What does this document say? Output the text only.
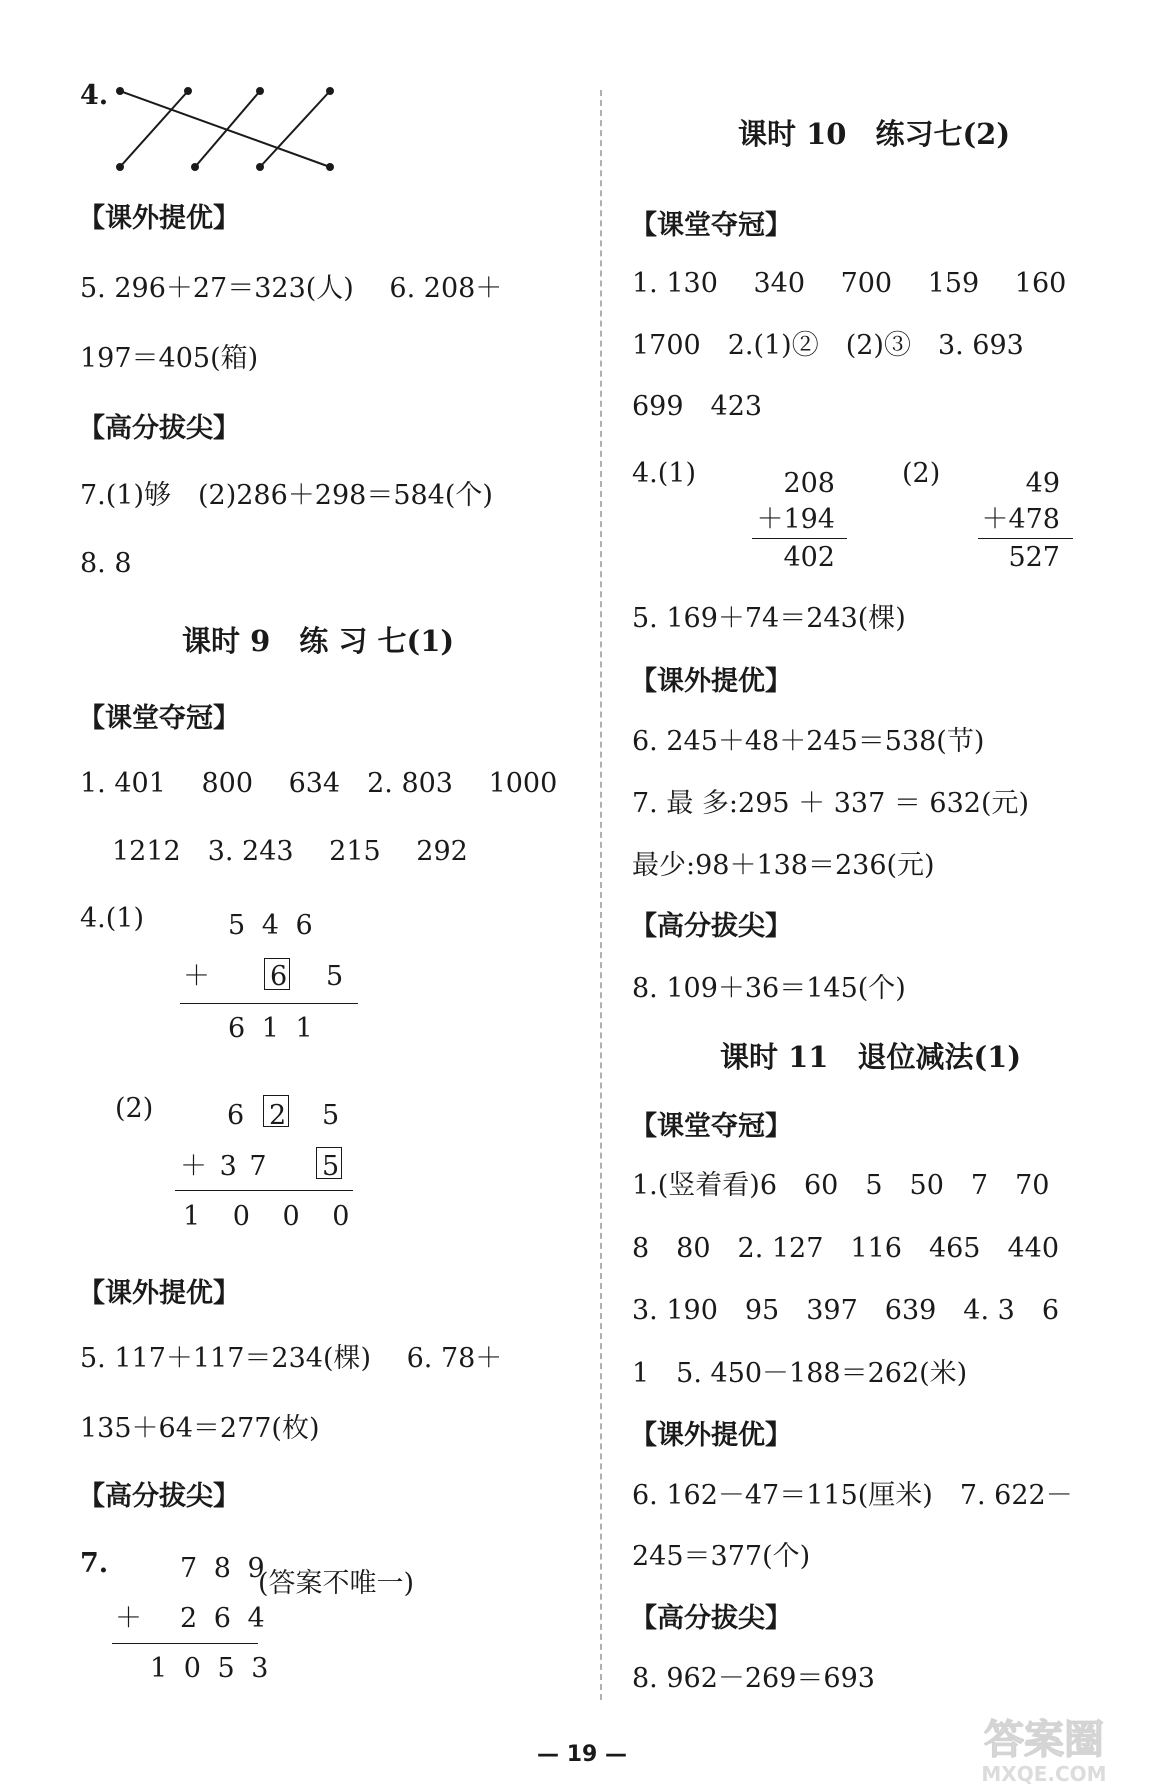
4.
【课外提优】
5. 296＋27＝323(人)　 6. 208＋
197＝405(箱)
【高分拔尖】
7.(1)够　(2)286＋298＝584(个)
8. 8
课时 9　练 习 七(1)
【课堂夺冠】
1. 401　 800　 634　2. 803　 1000
1212　3. 243　 215　 292
4.(1)	5 4 6
＋ 6 5
6 1 1
(2)	6 2 5
＋ 3 7 5
1 0 0 0
【课外提优】
5. 117＋117＝234(棵)　 6. 78＋
135＋64＝277(枚)
【高分拔尖】
7.	7 8 9
(答案不唯一)
＋ 2 6 4
1 0 5 3
课时 10　练习七(2)
【课堂夺冠】
1. 130　 340　 700　 159　 160
1700　2.(1)②　(2)③　3. 693
699　423
4.(1)	208
＋194
402
(2)	49
＋478
527
5. 169＋74＝243(棵)
【课外提优】
6. 245＋48＋245＝538(节)
7. 最 多:295 ＋ 337 ＝ 632(元)
最少:98＋138＝236(元)
【高分拔尖】
8. 109＋36＝145(个)
课时 11　退位减法(1)
【课堂夺冠】
1.(竖着看)6　60　5　50　7　70
8　80　2. 127　116　465　440
3. 190　95　397　639　4. 3　6
1　5. 450－188＝262(米)
【课外提优】
6. 162－47＝115(厘米)　7. 622－
245＝377(个)
【高分拔尖】
8. 962－269＝693
— 19 —	答案圈
MXQE.COM
